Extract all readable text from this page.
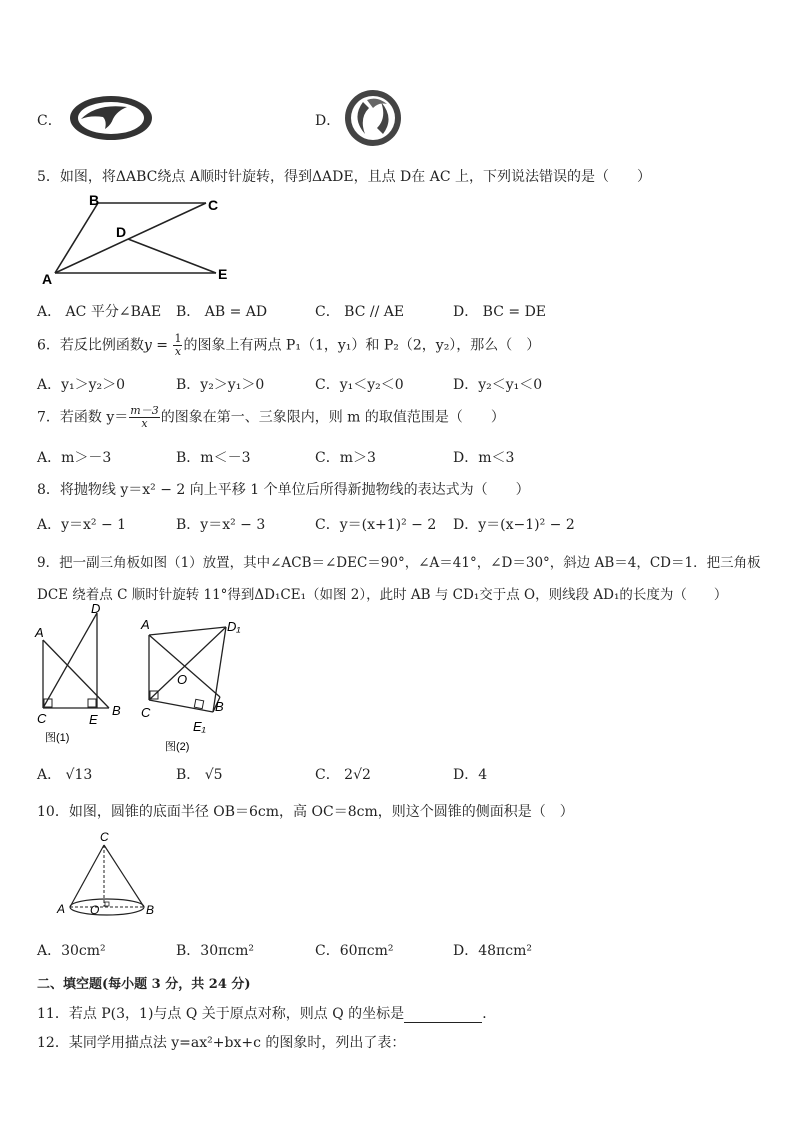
C．	D．
5．如图，将ΔABC绕点 A顺时针旋转，得到ΔADE，且点 D在 AC 上，下列说法错误的是（　　）
B	C
D
A	E
A． AC 平分∠BAE B． AB = AD	C． BC // AE	D． BC = DE
6．若反比例函数$y = \frac{1}{x}$ 的图象上有两点 P₁（1，y₁）和 P₂（2，y₂），那么（　）
A．y₁＞y₂＞0	B．y₂＞y₁＞0	C．y₁＜y₂＜0	D．y₂＜y₁＜0
7．若函数 $y= \frac{m-3}{x}$ 的图象在第一、三象限内，则 m 的取值范围是（　　）
A．m＞－3	B．m＜－3	C．m＞3	D．m＜3
8．将抛物线 y＝x² − 2 向上平移 1 个单位后所得新抛物线的表达式为（　　）
A．y＝x² − 1	B．y＝x² − 3	C．y＝(x+1)² − 2 D．y＝(x−1)² − 2
9．把一副三角板如图（1）放置，其中∠ACB＝∠DEC＝90°，∠A＝41°，∠D＝30°，斜边 AB＝4，CD＝1．把三角板
DCE 绕着点 C 顺时针旋转 11°得到ΔD₁CE₁（如图 2），此时 AB 与 CD₁交于点 O，则线段 AD₁的长度为（　　）
A
D
C	E
B
图(1)
A	D₁
O
C	B
E₁
图(2)
A． √13	B． √5	C． 2√2	D．4
10．如图，圆锥的底面半径 OB＝6cm，高 OC＝8cm，则这个圆锥的侧面积是（　）
C
A O	B
A．30cm²	B．30πcm²	C．60πcm²	D．48πcm²
二、填空题(每小题 3 分，共 24 分)
11．若点 P(3，1)与点 Q 关于原点对称，则点 Q 的坐标是	．
12．某同学用描点法 y=ax²+bx+c 的图象时，列出了表：
